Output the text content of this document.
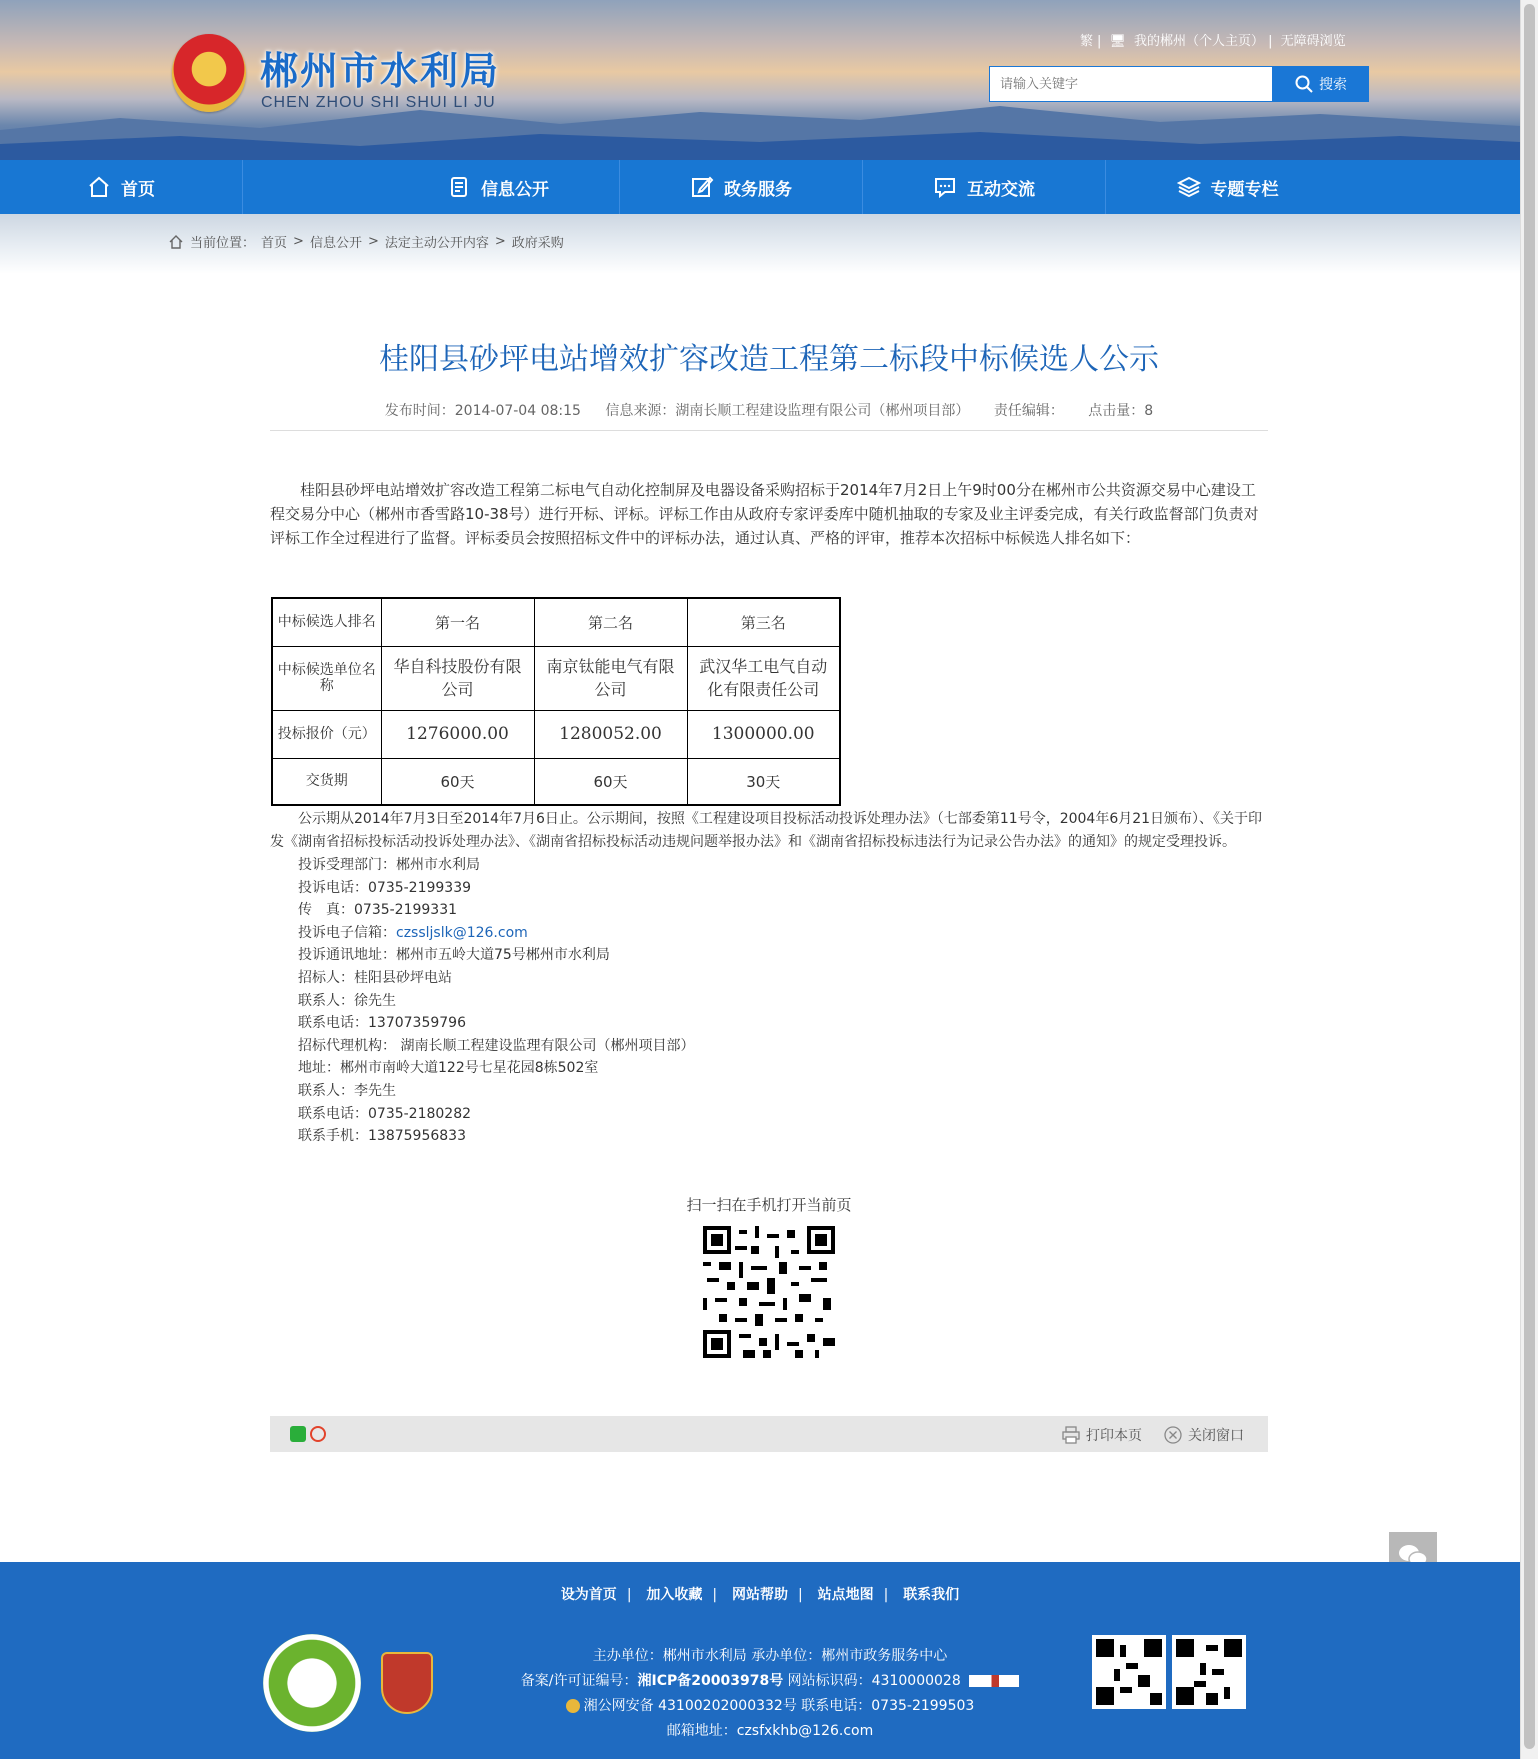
郴州市水利局
CHEN ZHOU SHI SHUI LI JU
繁 | 🖥 我的郴州（个人主页） | 无障碍浏览
请输入关键字
搜索
首页	信息公开	政务服务	互动交流	专题专栏
当前位置： 首页 > 信息公开 > 法定主动公开内容 > 政府采购
桂阳县砂坪电站增效扩容改造工程第二标段中标候选人公示
发布时间：2014-07-04 08:15 信息来源：湖南长顺工程建设监理有限公司（郴州项目部） 责任编辑： 点击量：8
桂阳县砂坪电站增效扩容改造工程第二标电气自动化控制屏及电器设备采购招标于2014年7月2日上午9时00分在郴州市公共资源交易中心建设工程交易分中心（郴州市香雪路10-38号）进行开标、评标。评标工作由从政府专家评委库中随机抽取的专家及业主评委完成，有关行政监督部门负责对评标工作全过程进行了监督。评标委员会按照招标文件中的评标办法，通过认真、严格的评审，推荐本次招标中标候选人排名如下：
中标候选人排名	第一名	第二名	第三名
中标候选单位名称	华自科技股份有限公司	南京钛能电气有限公司	武汉华工电气自动化有限责任公司
投标报价（元）	1276000.00	1280052.00	1300000.00
交货期	60天	60天	30天
公示期从2014年7月3日至2014年7月6日止。公示期间，按照《工程建设项目投标活动投诉处理办法》（七部委第11号令，2004年6月21日颁布）、《关于印发《湖南省招标投标活动投诉处理办法》、《湖南省招标投标活动违规问题举报办法》和《湖南省招标投标违法行为记录公告办法》的通知》的规定受理投诉。
投诉受理部门：郴州市水利局
投诉电话：0735-2199339
传　真：0735-2199331
投诉电子信箱：czssljslk@126.com
投诉通讯地址：郴州市五岭大道75号郴州市水利局
招标人：桂阳县砂坪电站
联系人：徐先生
联系电话：13707359796
招标代理机构： 湖南长顺工程建设监理有限公司（郴州项目部）
地址：郴州市南岭大道122号七星花园8栋502室
联系人：李先生
联系电话：0735-2180282
联系手机：13875956833
扫一扫在手机打开当前页
打印本页	关闭窗口
设为首页 | 加入收藏 | 网站帮助 | 站点地图 | 联系我们
主办单位：郴州市水利局 承办单位：郴州市政务服务中心
备案/许可证编号：湘ICP备20003978号 网站标识码：4310000028
湘公网安备 43100202000332号 联系电话：0735-2199503
邮箱地址：czsfxkhb@126.com
